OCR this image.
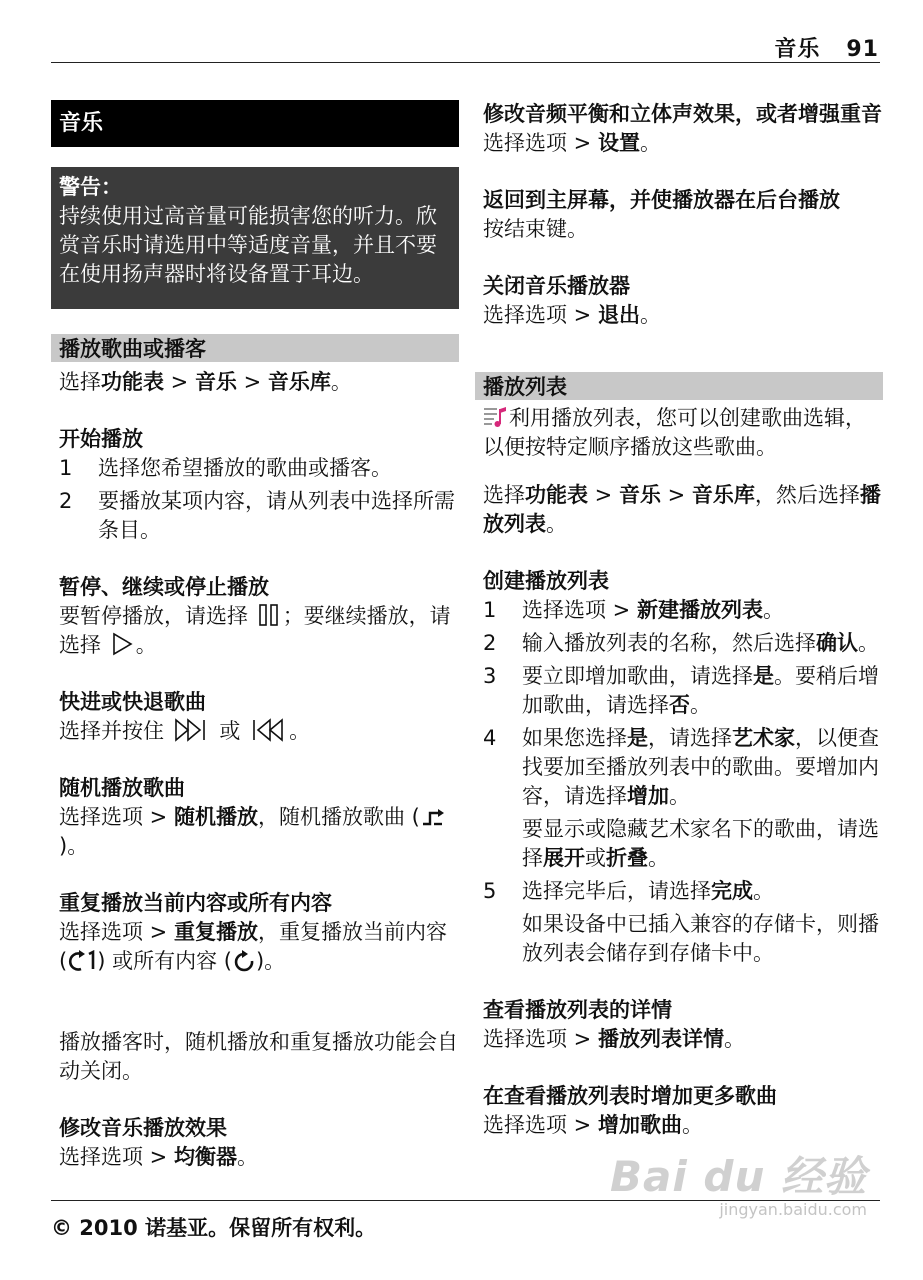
音乐 91
音乐
警告：
持续使用过高音量可能损害您的听力。欣赏音乐时请选用中等适度音量，并且不要在使用扬声器时将设备置于耳边。
播放歌曲或播客
选择功能表 > 音乐 > 音乐库。
开始播放
1 选择您希望播放的歌曲或播客。
2 要播放某项内容，请从列表中选择所需条目。
暂停、继续或停止播放
要暂停播放，请选择 ；要继续播放，请选择 。
快进或快退歌曲
选择并按住	或 。
随机播放歌曲
选择选项 > 随机播放，随机播放歌曲 ()。
重复播放当前内容或所有内容
选择选项 > 重复播放，重复播放当前内容 ( ) 或所有内容 ( )。
播放播客时，随机播放和重复播放功能会自动关闭。
修改音乐播放效果
选择选项 > 均衡器。
修改音频平衡和立体声效果，或者增强重音
选择选项 > 设置。
返回到主屏幕，并使播放器在后台播放
按结束键。
关闭音乐播放器
选择选项 > 退出。
播放列表
利用播放列表，您可以创建歌曲选辑，以便按特定顺序播放这些歌曲。
选择功能表 > 音乐 > 音乐库，然后选择播放列表。
创建播放列表
1 选择选项 > 新建播放列表。
2 输入播放列表的名称，然后选择确认。
3 要立即增加歌曲，请选择是。要稍后增加歌曲，请选择否。
4 如果您选择是，请选择艺术家，以便查找要加至播放列表中的歌曲。要增加内容，请选择增加。
要显示或隐藏艺术家名下的歌曲，请选择展开或折叠。
5 选择完毕后，请选择完成。
如果设备中已插入兼容的存储卡，则播放列表会储存到存储卡中。
查看播放列表的详情
选择选项 > 播放列表详情。
在查看播放列表时增加更多歌曲
选择选项 > 增加歌曲。
Bai du 经验
jingyan.baidu.com
© 2010 诺基亚。保留所有权利。
